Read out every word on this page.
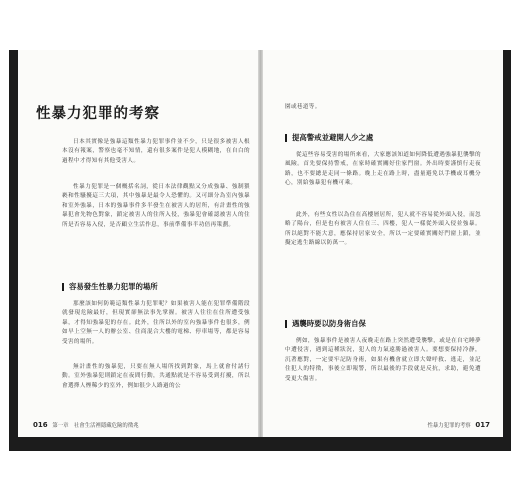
性暴力犯罪的考察

日本其實像是強暴這類性暴力犯罪事件並不少，只是很多被害人根本沒有報案，警察也毫不知情，還有很多案件是犯人模糊地，在自白的過程中才得知有其他受害人。

性暴力犯罪是一個概括名詞，從日本法律觀點又分成強暴、強制猥褻和性騷擾這三大項，其中強暴是最令人恐懼的。又可細分為室內強暴和室外強暴，日本的強暴事件多半發生在被害人的居所，有計畫性的強暴犯會先物色對象，鎖定被害人的住所入侵，強暴犯會確認被害人的住所是否容易入侵，是否顧立生活作息，事前準備事半功倍再策劃。

容易發生性暴力犯罪的場所

那麼該如何防範這類性暴力犯罪呢？如果被害人能在犯罪準備階段就發現危險最好，但現實卻無法事先掌握。被害人往往在住所遭受強暴，才得知強暴犯的存在。此外，住所以外的室內強暴事件也很多，例如早上空無一人的辦公室、住商混合大樓的電梯、停車場等，都是容易受害的場所。

無計畫性的強暴犯，只要在無人場所找到對象，馬上就會付諸行動。室外強暴犯則鎖定在夜間行動，共通點就是不容易受到打擾，所以會選擇人煙稀少的室外，例如很少人路過的公

016 第一章　社會生活裡隱藏危險的徵兆

園或巷道等。

提高警戒並避開人少之處

從這些容易受害的場所來看，大家應該知道如何降低遭遇強暴犯襲擊的風險。首先要保持警戒，在家時確實關好住家門窗。外出時要謹慎行走夜路，也不要總是走同一條路。晚上走在路上時，盡量避免以手機或耳機分心，別給強暴犯有機可乘。

此外，有些女性以為住在高樓層居所，犯人就不容易從外頭入侵，而忽略了陽台，但是也有被害人住在三、四樓，犯人一樣從外頭入侵並強暴。所以絕對不能大意，應保持居家安全，所以一定要確實關好門窗上鎖，並擬定逃生路線以防萬一。

遇襲時要以防身術自保

例如，強暴事件是被害人夜晚走在路上突然遭受襲擊，或是在自宅睡夢中遭侵害，遇到這種狀況，犯人的力氣遠勝過被害人。要想要保持冷靜，沉著應對，一定要牢記防身術，如果有機會就立即大聲呼救、逃走，並記住犯人的特徵，事後立即報警，所以最後的手段就是反抗，求助，避免遭受更大傷害。

性暴力犯罪的考察 017
